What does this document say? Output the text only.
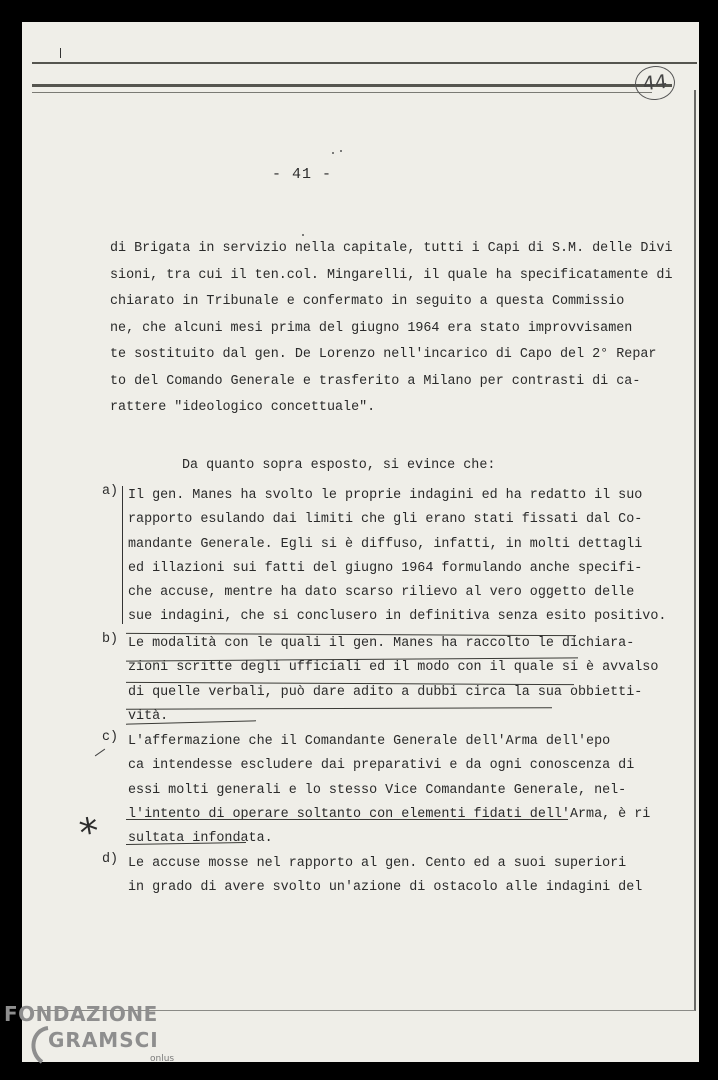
44
- 41 -
di Brigata in servizio nella capitale, tutti i Capi di S.M. delle Divi
sioni, tra cui il ten.col. Mingarelli, il quale ha specificatamente di
chiarato in Tribunale e confermato in seguito a questa Commissio
ne, che alcuni mesi prima del giugno 1964 era stato improvvisamen
te sostituito dal gen. De Lorenzo nell'incarico di Capo del 2° Repar
to del Comando Generale e trasferito a Milano per contrasti di ca-
rattere "ideologico concettuale".
Da quanto sopra esposto, si evince che:
a) Il gen. Manes ha svolto le proprie indagini ed ha redatto il suo
rapporto esulando dai limiti che gli erano stati fissati dal Co-
mandante Generale. Egli si è diffuso, infatti, in molti dettagli
ed illazioni sui fatti del giugno 1964 formulando anche specifi-
che accuse, mentre ha dato scarso rilievo al vero oggetto delle
sue indagini, che si conclusero in definitiva senza esito positivo.
b) Le modalità con le quali il gen. Manes ha raccolto le dichiara-
zioni scritte degli ufficiali ed il modo con il quale si è avvalso
di quelle verbali, può dare adito a dubbi circa la sua obbietti-
vità.
c) L'affermazione che il Comandante Generale dell'Arma dell'epo
ca intendesse escludere dai preparativi e da ogni conoscenza di
essi molti generali e lo stesso Vice Comandante Generale, nel-
l'intento di operare soltanto con elementi fidati dell'Arma, è ri
sultata infondata.
d) Le accuse mosse nel rapporto al gen. Cento ed a suoi superiori
in grado di avere svolto un'azione di ostacolo alle indagini del
*
FONDAZIONE
GRAMSCI
onlus
